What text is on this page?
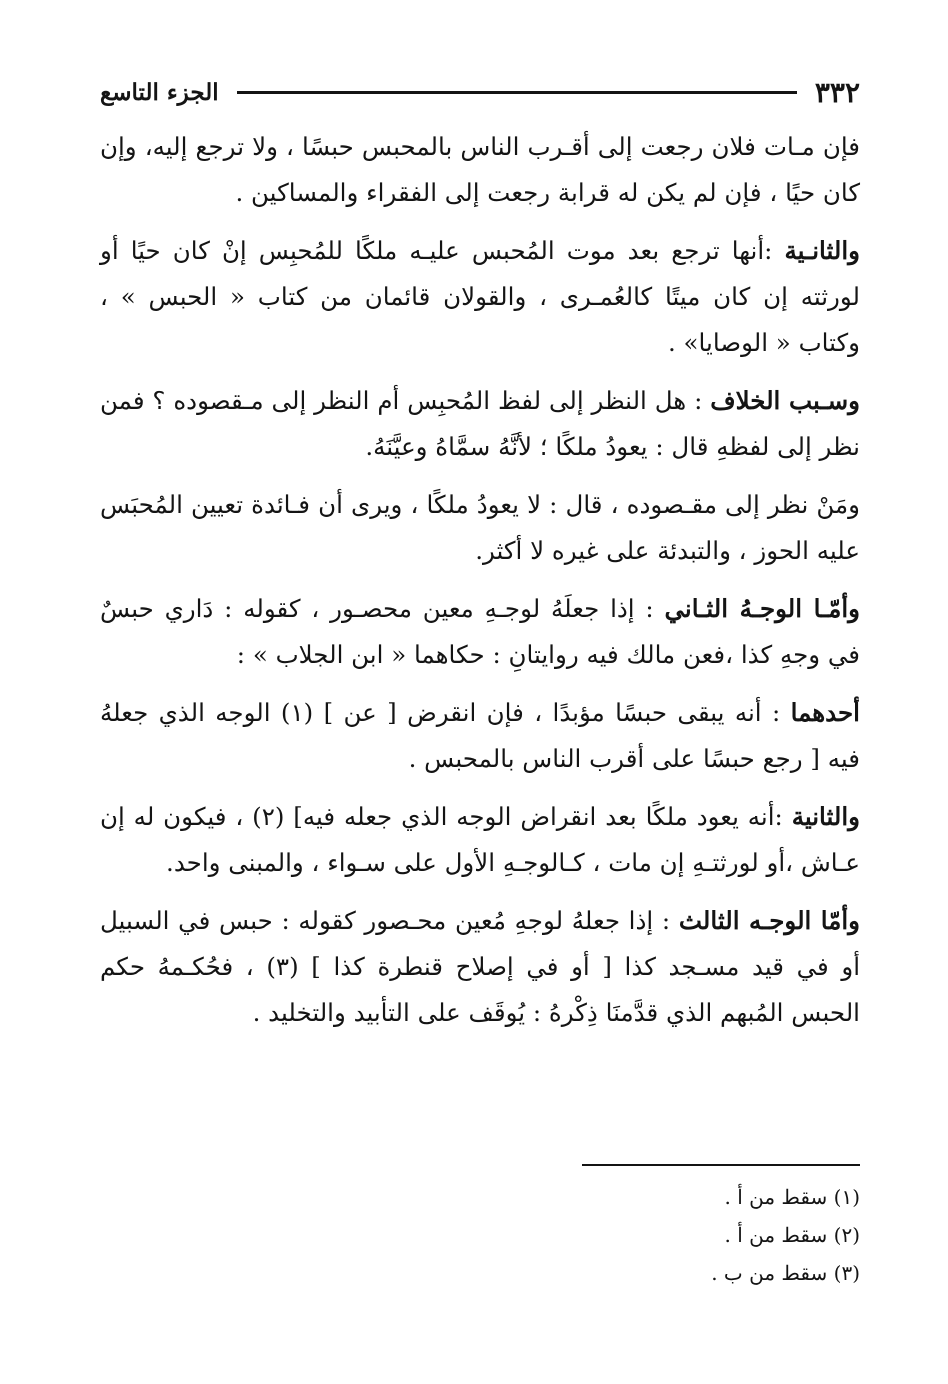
٣٣٢
الجزء التاسع

فإن مـات فلان رجعت إلى أقـرب الناس بالمحبس حبسًا ، ولا ترجع إليه، وإن كان حيًا ، فإن لم يكن له قرابة رجعت إلى الفقراء والمساكين .

والثانـية :أنها ترجع بعد موت المُحبس عليـه ملكًا للمُحبِس إنْ كان حيًا أو لورثته إن كان ميتًا كالعُمـرى ، والقولان قائمان من كتاب « الحبس » ، وكتاب « الوصايا» .

وسـبب الخلاف : هل النظر إلى لفظ المُحبِس أم النظر إلى مـقصوده ؟ فمن نظر إلى لفظهِ قال : يعودُ ملكًا ؛ لأنَّهُ سمَّاهُ وعيَّنَهُ.

ومَنْ نظر إلى مقـصوده ، قال : لا يعودُ ملكًا ، ويرى أن فـائدة تعيين المُحبَس عليه الحوز ، والتبدئة على غيره لا أكثر.

وأمّـا الوجـهُ الثـاني : إذا جعلَهُ لوجـهِ معين محصـور ، كقوله : دَاري حبسٌ في وجهِ كذا ،فعن مالك فيه روايتانِ : حكاهما « ابن الجلاب » :

أحدهما : أنه يبقى حبسًا مؤبدًا ، فإن انقرض [ عن ] (١) الوجه الذي جعلهُ فيه [ رجع حبسًا على أقرب الناس بالمحبس .

والثانية :أنه يعود ملكًا بعد انقراض الوجه الذي جعله فيه] (٢) ، فيكون له إن عـاش ،أو لورثتـهِ إن مات ، كـالوجـهِ الأول على سـواء ، والمبنى واحد.

وأمّا الوجـه الثالث : إذا جعلهُ لوجهِ مُعين محـصور كقوله : حبس في السبيل أو في قيد مسـجد كذا [ أو في إصلاح قنطرة كذا ] (٣) ، فحُكـمهُ حكم الحبس المُبهم الذي قدَّمنَا ذِكْرهُ : يُوقَف على التأبيد والتخليد .

(١) سقط من أ .

(٢) سقط من أ .

(٣) سقط من ب .
